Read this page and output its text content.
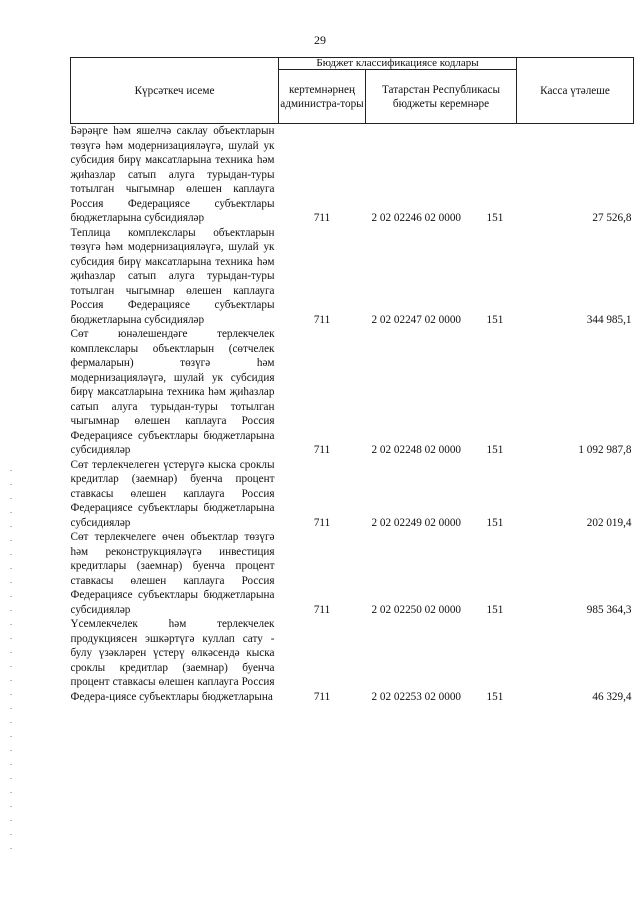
29
Күрсәткеч исеме	Бюджет классификациясе кодлары		Касса үтәлеше
	кертемнәрнең администра-торы	Татарстан Республикасы бюджеты керемнәре	
Бәрәңге һәм яшелчә саклау объектларын төзүгә һәм модернизацияләүгә, шулай ук субсидия бирү максатларына техника һәм җиһазлар сатып алуга турыдан-туры тотылган чыгымнар өлешен каплауга Россия Федерациясе субъектлары бюджетларына субсидияләр	711	2 02 02246 02 0000 151	27 526,8
Теплица комплекслары объектларын төзүгә һәм модернизацияләүгә, шулай ук субсидия бирү максатларына техника һәм җиһазлар сатып алуга турыдан-туры тотылган чыгымнар өлешен каплауга Россия Федерациясе субъектлары бюджетларына субсидияләр	711	2 02 02247 02 0000 151	344 985,1
Сөт юнәлешендәге терлекчелек комплекслары объектларын (сөтчелек фермаларын) төзүгә һәм модернизацияләүгә, шулай ук субсидия бирү максатларына техника һәм җиһазлар сатып алуга турыдан-туры тотылган чыгымнар өлешен каплауга Россия Федерациясе субъектлары бюджетларына субсидияләр	711	2 02 02248 02 0000 151	1 092 987,8
Сөт терлекчелеген үстерүгә кыска сроклы кредитлар (заемнар) буенча процент ставкасы өлешен каплауга Россия Федерациясе субъектлары бюджетларына субсидияләр	711	2 02 02249 02 0000 151	202 019,4
Сөт терлекчелеге өчен объектлар төзүгә һәм реконструкцияләүгә инвестиция кредитлары (заемнар) буенча процент ставкасы өлешен каплауга Россия Федерациясе субъектлары бюджетларына субсидияләр	711	2 02 02250 02 0000 151	985 364,3
Үсемлекчелек һәм терлекчелек продукциясен эшкәртүгә куллап сату - булу үзәкләрен үстерү өлкәсендә кыска сроклы кредитлар (заемнар) буенча процент ставкасы өлешен каплауга Россия Федера-циясе субъектлары бюджетларына	711	2 02 02253 02 0000 151	46 329,4
